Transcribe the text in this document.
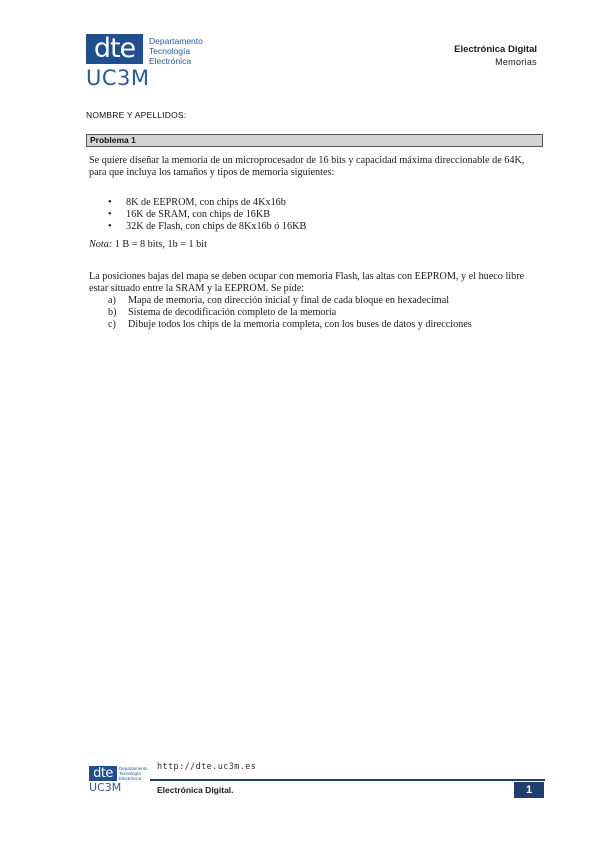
dte	Departamento
Tecnología
Electrónica
UC3M
Electrónica Digital
Memorias
NOMBRE Y APELLIDOS:
Problema 1
Se quiere diseñar la memoria de un microprocesador de 16 bits y capacidad máxima direccionable de 64K, para que incluya los tamaños y tipos de memoria siguientes:
• 8K de EEPROM, con chips de 4Kx16b
• 16K de SRAM, con chips de 16KB
• 32K de Flash, con chips de 8Kx16b ó 16KB
Nota: 1 B = 8 bits, 1b = 1 bit
La posiciones bajas del mapa se deben ocupar con memoria Flash, las altas con EEPROM, y el hueco libre estar situado entre la SRAM y la EEPROM. Se pide:
a) Mapa de memoria, con dirección inicial y final de cada bloque en hexadecimal
b) Sistema de decodificación completo de la memoria
c) Dibuje todos los chips de la memoria completa, con los buses de datos y direcciones
dte	Departamento
Tecnología
Electrónica
UC3M
http://dte.uc3m.es
Electrónica Digital.	1
